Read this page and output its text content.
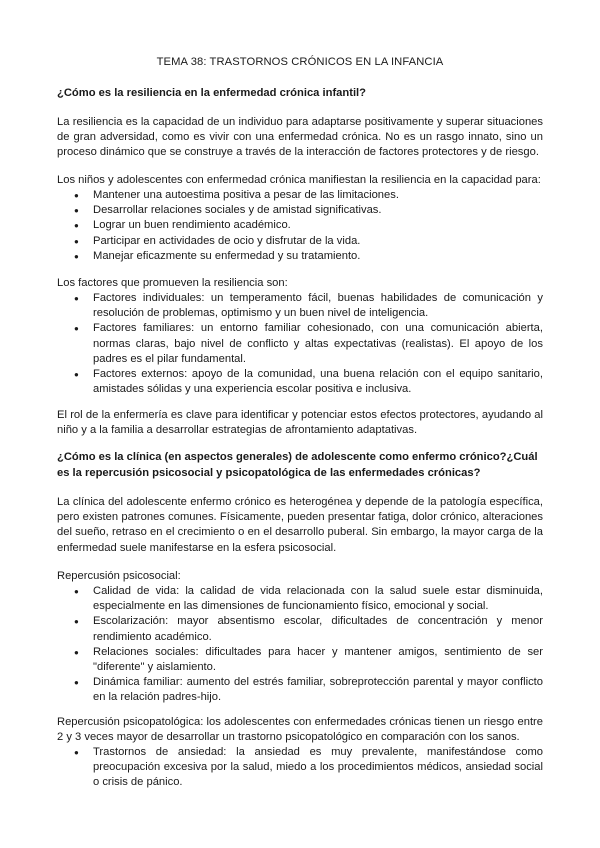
TEMA 38: TRASTORNOS CRÓNICOS EN LA INFANCIA
¿Cómo es la resiliencia en la enfermedad crónica infantil?
La resiliencia es la capacidad de un individuo para adaptarse positivamente y superar situaciones de gran adversidad, como es vivir con una enfermedad crónica. No es un rasgo innato, sino un proceso dinámico que se construye a través de la interacción de factores protectores y de riesgo.
Los niños y adolescentes con enfermedad crónica manifiestan la resiliencia en la capacidad para:
● Mantener una autoestima positiva a pesar de las limitaciones.
● Desarrollar relaciones sociales y de amistad significativas.
● Lograr un buen rendimiento académico.
● Participar en actividades de ocio y disfrutar de la vida.
● Manejar eficazmente su enfermedad y su tratamiento.
Los factores que promueven la resiliencia son:
● Factores individuales: un temperamento fácil, buenas habilidades de comunicación y resolución de problemas, optimismo y un buen nivel de inteligencia.
● Factores familiares: un entorno familiar cohesionado, con una comunicación abierta, normas claras, bajo nivel de conflicto y altas expectativas (realistas). El apoyo de los padres es el pilar fundamental.
● Factores externos: apoyo de la comunidad, una buena relación con el equipo sanitario, amistades sólidas y una experiencia escolar positiva e inclusiva.
El rol de la enfermería es clave para identificar y potenciar estos efectos protectores, ayudando al niño y a la familia a desarrollar estrategias de afrontamiento adaptativas.
¿Cómo es la clínica (en aspectos generales) de adolescente como enfermo crónico?¿Cuál es la repercusión psicosocial y psicopatológica de las enfermedades crónicas?
La clínica del adolescente enfermo crónico es heterogénea y depende de la patología específica, pero existen patrones comunes. Físicamente, pueden presentar fatiga, dolor crónico, alteraciones del sueño, retraso en el crecimiento o en el desarrollo puberal. Sin embargo, la mayor carga de la enfermedad suele manifestarse en la esfera psicosocial.
Repercusión psicosocial:
● Calidad de vida: la calidad de vida relacionada con la salud suele estar disminuida, especialmente en las dimensiones de funcionamiento físico, emocional y social.
● Escolarización: mayor absentismo escolar, dificultades de concentración y menor rendimiento académico.
● Relaciones sociales: dificultades para hacer y mantener amigos, sentimiento de ser "diferente" y aislamiento.
● Dinámica familiar: aumento del estrés familiar, sobreprotección parental y mayor conflicto en la relación padres-hijo.
Repercusión psicopatológica: los adolescentes con enfermedades crónicas tienen un riesgo entre 2 y 3 veces mayor de desarrollar un trastorno psicopatológico en comparación con los sanos.
● Trastornos de ansiedad: la ansiedad es muy prevalente, manifestándose como preocupación excesiva por la salud, miedo a los procedimientos médicos, ansiedad social o crisis de pánico.
